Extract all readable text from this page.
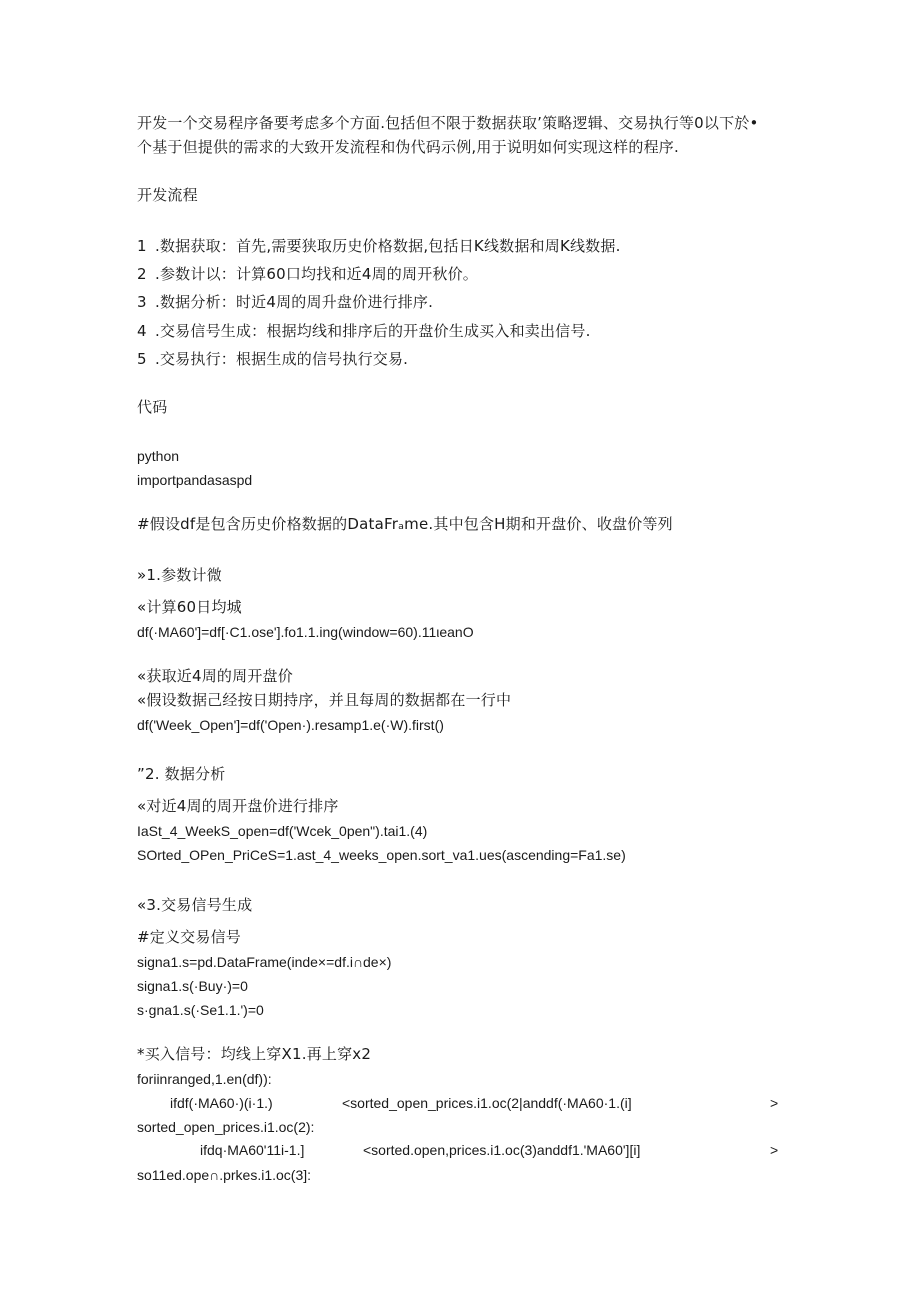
开发一个交易程序备要考虑多个方面.包括但不限于数据获取’策略逻辑、交易执行等0以下於•
个基于但提供的需求的大致开发流程和伪代码示例,用于说明如何实现这样的程序.
开发流程
1 .数据获取：首先,需要狭取历史价格数据,包括日K线数据和周K线数据.
2 .参数计以：计算60口均找和近4周的周开秋价。
3 .数据分析：时近4周的周升盘价进行排序.
4 .交易信号生成：根据均线和排序后的开盘价生成买入和卖出信号.
5 .交易执行：根据生成的信号执行交易.
代码
python
importpandasaspd
#假设df是包含历史价格数据的DataFrₐme.其中包含H期和开盘价、收盘价等列
»1.参数计微
«计算60日均城
df(·MA60']=df[·C1.ose'].fo1.1.ing(window=60).11ιeanO
«获取近4周的周开盘价
«假设数据己经按日期持序，并且每周的数据都在一行中
df('Week_Open']=df('Open·).resamp1.e(·W).first()
”2. 数据分析
«对近4周的周开盘价进行排序
IaSt_4_WeekS_open=df('Wcek_0pen").tai1.(4)
SOrted_OPen_PriCeS=1.ast_4_weeks_open.sort_va1.ues(ascending=Fa1.se)
«3.交易信号生成
#定义交易信号
signa1.s=pd.DataFrame(inde×=df.i∩de×)
signa1.s(·Buy·)=0
s·gna1.s(·Se1.1.')=0
*买入信号：均线上穿X1.再上穿x2
foriinranged,1.en(df)):
ifdf(·MA60·)(i·1.)	<sorted_open_prices.i1.oc(2|anddf(·MA60·1.(i]	>
sorted_open_prices.i1.oc(2):
ifdq·MA60'11i-1.]	<sorted.open,prices.i1.oc(3)anddf1.'MA60'][i]	>
so11ed.ope∩.prkes.i1.oc(3]:
